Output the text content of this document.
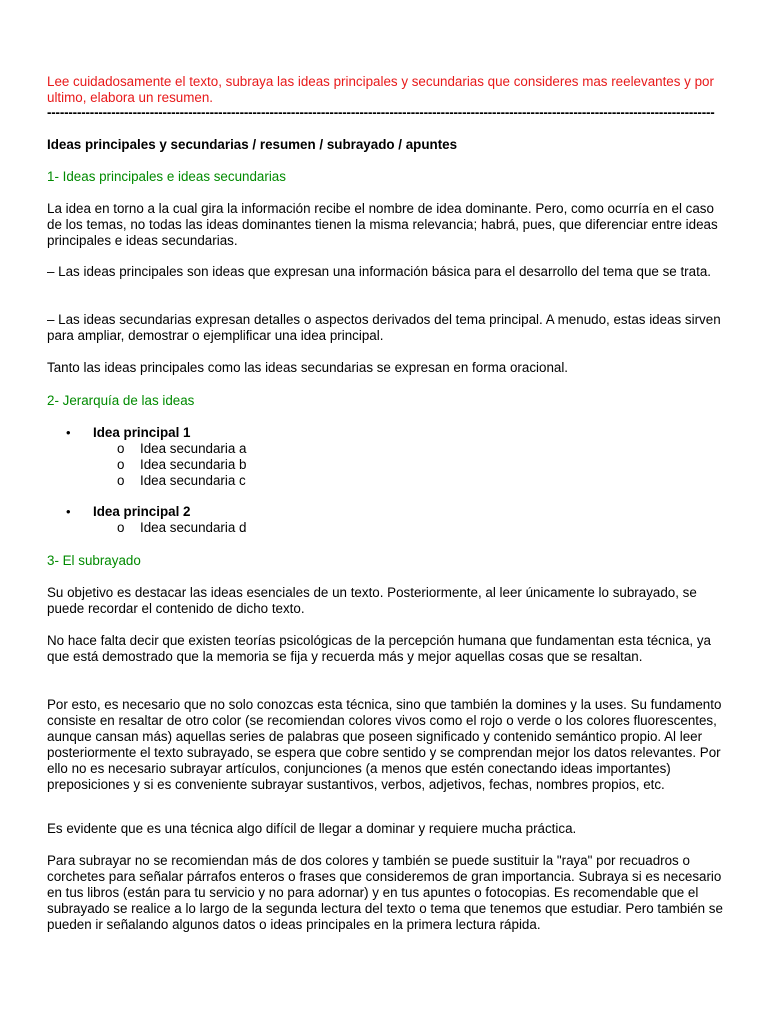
Lee cuidadosamente el texto, subraya las ideas principales y secundarias que consideres mas reelevantes y por ultimo, elabora un resumen.

------------------------------------------------------------------------------------------------------------------------------------------------------------

Ideas principales y secundarias / resumen / subrayado / apuntes

1- Ideas principales e ideas secundarias

La idea en torno a la cual gira la información recibe el nombre de idea dominante. Pero, como ocurría en el caso de los temas, no todas las ideas dominantes tienen la misma relevancia; habrá, pues, que diferenciar entre ideas principales e ideas secundarias.

– Las ideas principales son ideas que expresan una información básica para el desarrollo del tema que se trata.

– Las ideas secundarias expresan detalles o aspectos derivados del tema principal. A menudo, estas ideas sirven para ampliar, demostrar o ejemplificar una idea principal.

Tanto las ideas principales como las ideas secundarias se expresan en forma oracional.

2- Jerarquía de las ideas

• Idea principal 1
o Idea secundaria a
o Idea secundaria b
o Idea secundaria c
• Idea principal 2
o Idea secundaria d

3- El subrayado

Su objetivo es destacar las ideas esenciales de un texto. Posteriormente, al leer únicamente lo subrayado, se puede recordar el contenido de dicho texto.

No hace falta decir que existen teorías psicológicas de la percepción humana que fundamentan esta técnica, ya que está demostrado que la memoria se fija y recuerda más y mejor aquellas cosas que se resaltan.

Por esto, es necesario que no solo conozcas esta técnica, sino que también la domines y la uses. Su fundamento consiste en resaltar de otro color (se recomiendan colores vivos como el rojo o verde o los colores fluorescentes, aunque cansan más) aquellas series de palabras que poseen significado y contenido semántico propio. Al leer posteriormente el texto subrayado, se espera que cobre sentido y se comprendan mejor los datos relevantes. Por ello no es necesario subrayar artículos, conjunciones (a menos que estén conectando ideas importantes) preposiciones y si es conveniente subrayar sustantivos, verbos, adjetivos, fechas, nombres propios, etc.

Es evidente que es una técnica algo difícil de llegar a dominar y requiere mucha práctica.

Para subrayar no se recomiendan más de dos colores y también se puede sustituir la "raya" por recuadros o corchetes para señalar párrafos enteros o frases que consideremos de gran importancia. Subraya si es necesario en tus libros (están para tu servicio y no para adornar) y en tus apuntes o fotocopias. Es recomendable que el subrayado se realice a lo largo de la segunda lectura del texto o tema que tenemos que estudiar. Pero también se pueden ir señalando algunos datos o ideas principales en la primera lectura rápida.
